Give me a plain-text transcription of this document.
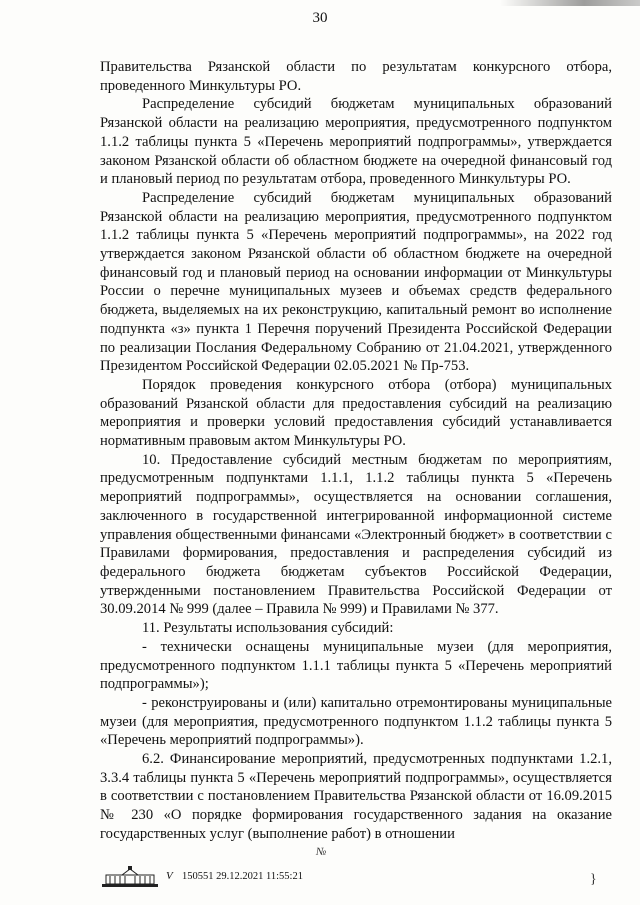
30

Правительства Рязанской области по результатам конкурсного отбора, проведенного Минкультуры РО.

Распределение субсидий бюджетам муниципальных образований Рязанской области на реализацию мероприятия, предусмотренного подпунктом 1.1.2 таблицы пункта 5 «Перечень мероприятий подпрограммы», утверждается законом Рязанской области об областном бюджете на очередной финансовый год и плановый период по результатам отбора, проведенного Минкультуры РО.

Распределение субсидий бюджетам муниципальных образований Рязанской области на реализацию мероприятия, предусмотренного подпунктом 1.1.2 таблицы пункта 5 «Перечень мероприятий подпрограммы», на 2022 год утверждается законом Рязанской области об областном бюджете на очередной финансовый год и плановый период на основании информации от Минкультуры России о перечне муниципальных музеев и объемах средств федерального бюджета, выделяемых на их реконструкцию, капитальный ремонт во исполнение подпункта «з» пункта 1 Перечня поручений Президента Российской Федерации по реализации Послания Федеральному Собранию от 21.04.2021, утвержденного Президентом Российской Федерации 02.05.2021 № Пр-753.

Порядок проведения конкурсного отбора (отбора) муниципальных образований Рязанской области для предоставления субсидий на реализацию мероприятия и проверки условий предоставления субсидий устанавливается нормативным правовым актом Минкультуры РО.

10. Предоставление субсидий местным бюджетам по мероприятиям, предусмотренным подпунктами 1.1.1, 1.1.2 таблицы пункта 5 «Перечень мероприятий подпрограммы», осуществляется на основании соглашения, заключенного в государственной интегрированной информационной системе управления общественными финансами «Электронный бюджет» в соответствии с Правилами формирования, предоставления и распределения субсидий из федерального бюджета бюджетам субъектов Российской Федерации, утвержденными постановлением Правительства Российской Федерации от 30.09.2014 № 999 (далее – Правила № 999) и Правилами № 377.

11. Результаты использования субсидий:

- технически оснащены муниципальные музеи (для мероприятия, предусмотренного подпунктом 1.1.1 таблицы пункта 5 «Перечень мероприятий подпрограммы»);

- реконструированы и (или) капитально отремонтированы муниципальные музеи (для мероприятия, предусмотренного подпунктом 1.1.2 таблицы пункта 5 «Перечень мероприятий подпрограммы»).

6.2. Финансирование мероприятий, предусмотренных подпунктами 1.2.1, 3.3.4 таблицы пункта 5 «Перечень мероприятий подпрограммы», осуществляется в соответствии с постановлением Правительства Рязанской области от 16.09.2015 № 230 «О порядке формирования государственного задания на оказание государственных услуг (выполнение работ) в отношении

№
}
V 150551 29.12.2021 11:55:21
